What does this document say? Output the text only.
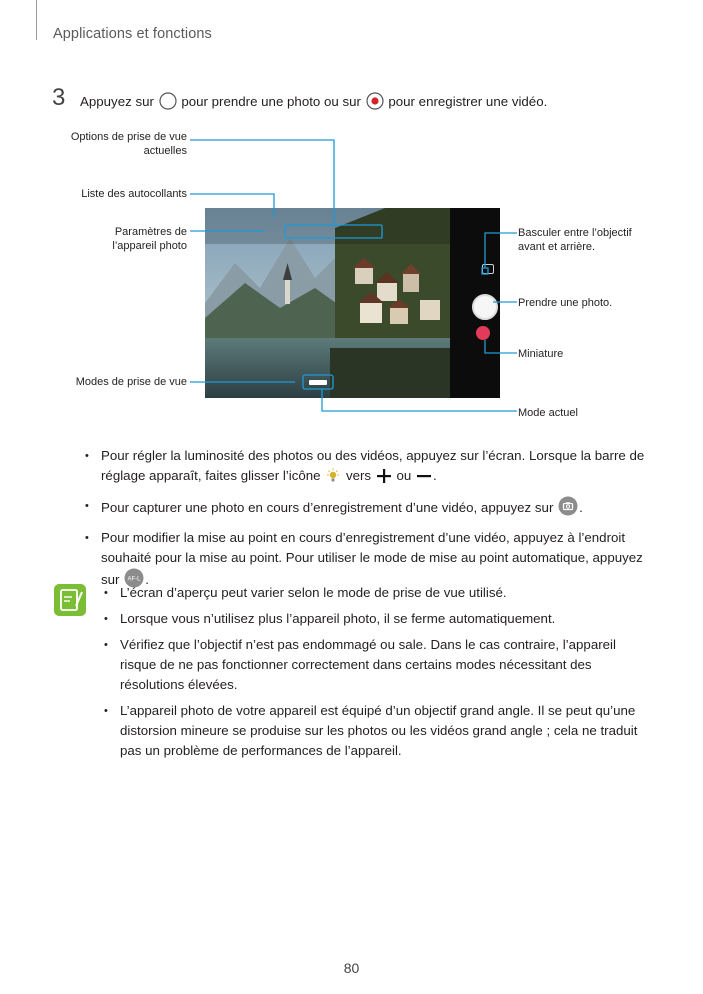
Applications et fonctions
3 Appuyez sur pour prendre une photo ou sur pour enregistrer une vidéo.
Options de prise de vue actuelles
Liste des autocollants
Paramètres de l’appareil photo
Modes de prise de vue
Basculer entre l’objectif avant et arrière.
Prendre une photo.
Miniature
Mode actuel
• Pour régler la luminosité des photos ou des vidéos, appuyez sur l’écran. Lorsque la barre de réglage apparaît, faites glisser l’icône vers ou .
• Pour capturer une photo en cours d’enregistrement d’une vidéo, appuyez sur .
• Pour modifier la mise au point en cours d’enregistrement d’une vidéo, appuyez à l’endroit souhaité pour la mise au point. Pour utiliser le mode de mise au point automatique, appuyez sur AF-L .
• L’écran d’aperçu peut varier selon le mode de prise de vue utilisé.
• Lorsque vous n’utilisez plus l’appareil photo, il se ferme automatiquement.
• Vérifiez que l’objectif n’est pas endommagé ou sale. Dans le cas contraire, l’appareil risque de ne pas fonctionner correctement dans certains modes nécessitant des résolutions élevées.
• L’appareil photo de votre appareil est équipé d’un objectif grand angle. Il se peut qu’une distorsion mineure se produise sur les photos ou les vidéos grand angle ; cela ne traduit pas un problème de performances de l’appareil.
80
